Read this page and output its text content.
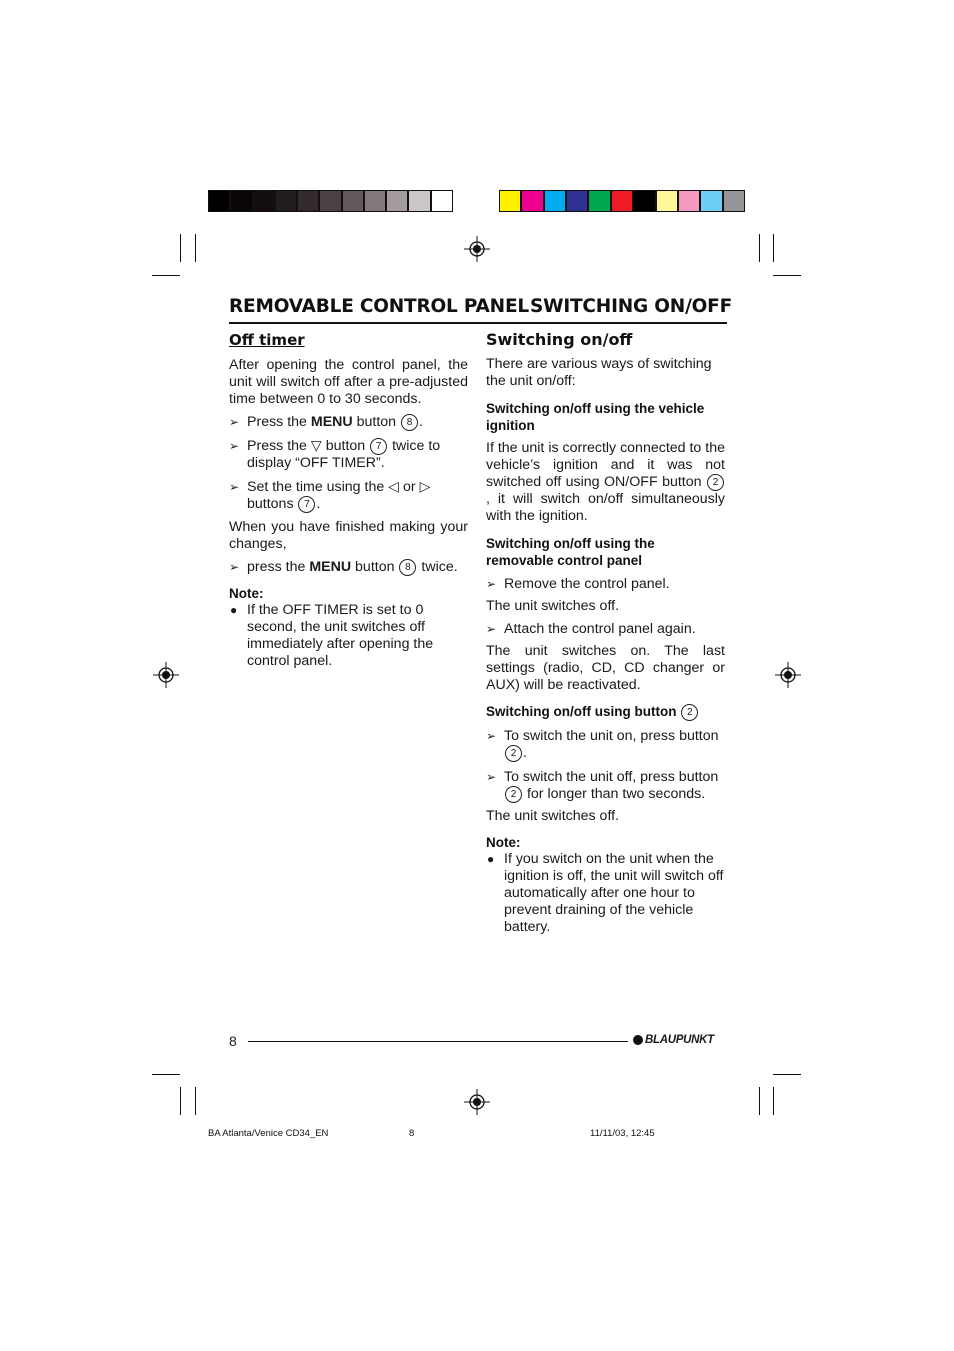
REMOVABLE CONTROL PANEL SWITCHING ON/OFF

Off timer

After opening the control panel, the unit will switch off after a pre-adjusted time between 0 to 30 seconds.

➢ Press the MENU button 8 .

➢ Press the ▽ button 7 twice to display “OFF TIMER”.

➢ Set the time using the ◁ or ▷ buttons 7 .

When you have finished making your changes,

➢ press the MENU button 8 twice.

Note:

● If the OFF TIMER is set to 0 second, the unit switches off immediately after opening the control panel.

Switching on/off

There are various ways of switching the unit on/off:

Switching on/off using the vehicle ignition

If the unit is correctly connected to the vehicle’s ignition and it was not switched off using ON/OFF button 2, it will switch on/off simultaneously with the ignition.

Switching on/off using the removable control panel

➢ Remove the control panel.

The unit switches off.

➢ Attach the control panel again.

The unit switches on. The last settings (radio, CD, CD changer or AUX) will be reactivated.

Switching on/off using button 2

➢ To switch the unit on, press button 2 .

➢ To switch the unit off, press button 2 for longer than two seconds.

The unit switches off.

Note:

● If you switch on the unit when the ignition is off, the unit will switch off automatically after one hour to prevent draining of the vehicle battery.

8	BLAUPUNKT
BA Atlanta/Venice CD34_EN	8	11/11/03, 12:45
